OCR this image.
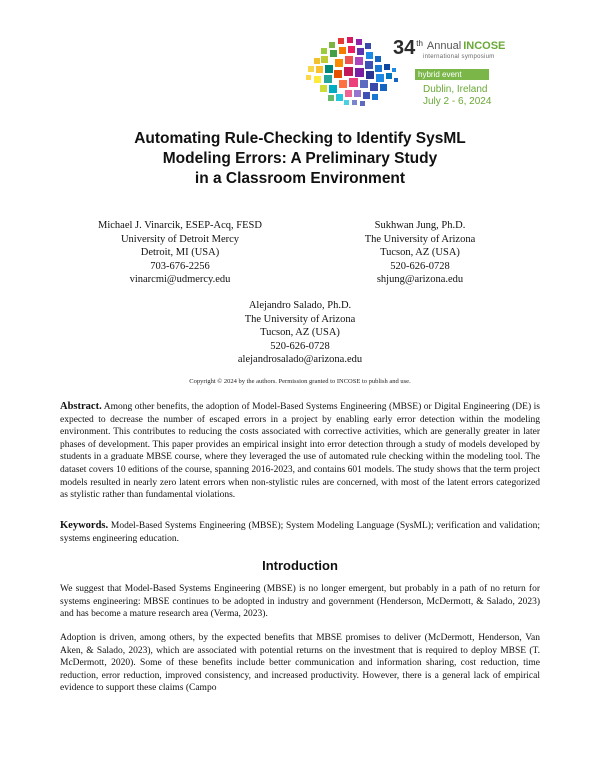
34 th Annual INCOSE
international symposium
hybrid event
Dublin, Ireland
July 2 - 6, 2024
Automating Rule-Checking to Identify SysML
Modeling Errors: A Preliminary Study
in a Classroom Environment
Michael J. Vinarcik, ESEP-Acq, FESD
University of Detroit Mercy
Detroit, MI (USA)
703-676-2256
vinarcmi@udmercy.edu
Sukhwan Jung, Ph.D.
The University of Arizona
Tucson, AZ (USA)
520-626-0728
shjung@arizona.edu
Alejandro Salado, Ph.D.
The University of Arizona
Tucson, AZ (USA)
520-626-0728
alejandrosalado@arizona.edu
Copyright © 2024 by the authors. Permission granted to INCOSE to publish and use.
Abstract. Among other benefits, the adoption of Model-Based Systems Engineering (MBSE) or Digital Engineering (DE) is expected to decrease the number of escaped errors in a project by enabling early error detection within the modeling environment. This contributes to reducing the costs associated with corrective activities, which are generally greater in later phases of development. This paper provides an empirical insight into error detection through a study of models developed by students in a graduate MBSE course, where they leveraged the use of automated rule checking within the modeling tool. The dataset covers 10 editions of the course, spanning 2016-2023, and contains 601 models. The study shows that the term project models resulted in nearly zero latent errors when non-stylistic rules are concerned, with most of the latent errors categorized as stylistic rather than fundamental violations.
Keywords. Model-Based Systems Engineering (MBSE); System Modeling Language (SysML); verification and validation; systems engineering education.
Introduction
We suggest that Model-Based Systems Engineering (MBSE) is no longer emergent, but probably in a path of no return for systems engineering: MBSE continues to be adopted in industry and government (Henderson, McDermott, & Salado, 2023) and has become a mature research area (Verma, 2023).
Adoption is driven, among others, by the expected benefits that MBSE promises to deliver (McDermott, Henderson, Van Aken, & Salado, 2023), which are associated with potential returns on the investment that is required to deploy MBSE (T. McDermott, 2020). Some of these benefits include better communication and information sharing, cost reduction, time reduction, error reduction, improved consistency, and increased productivity. However, there is a general lack of empirical evidence to support these claims (Campo
